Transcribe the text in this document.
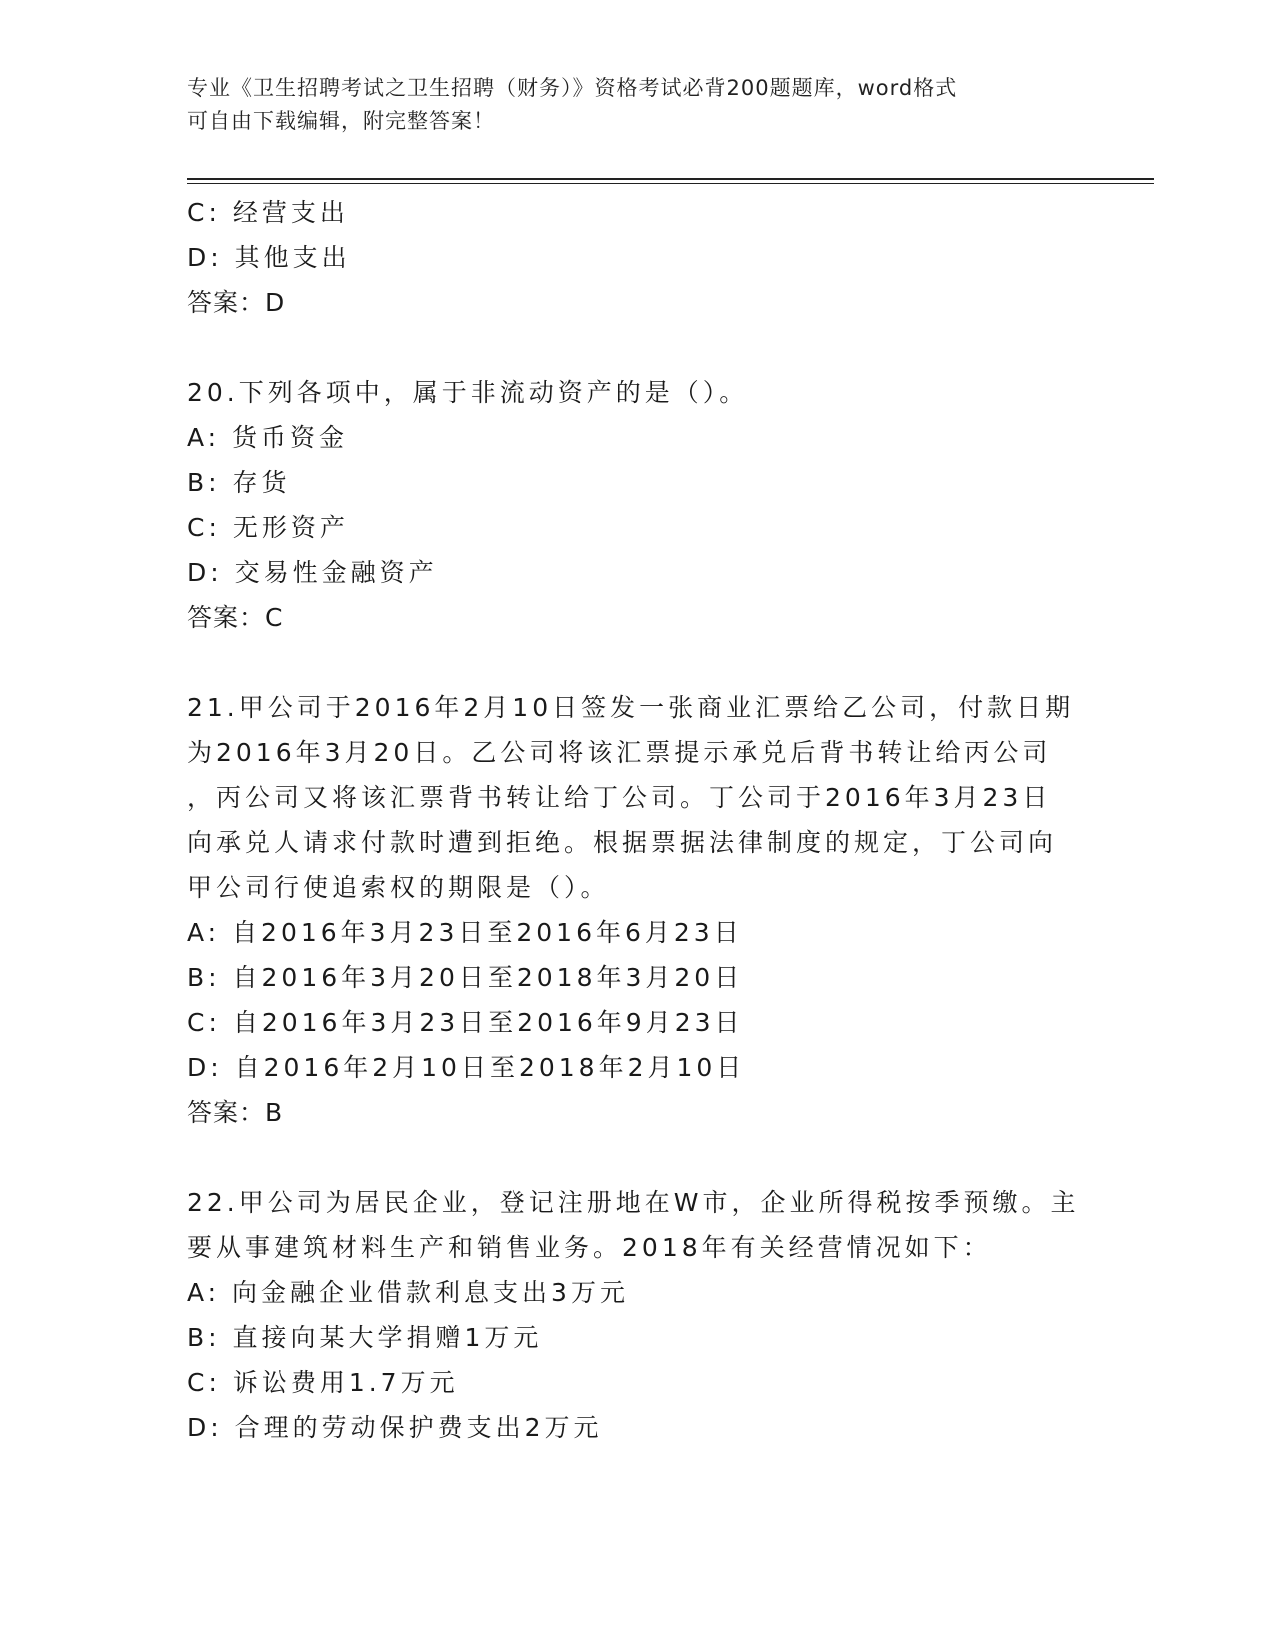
专业《卫生招聘考试之卫生招聘（财务）》资格考试必背200题题库，word格式
可自由下载编辑，附完整答案！
C: 经营支出
D: 其他支出
答案：D
20.下列各项中，属于非流动资产的是（）。
A: 货币资金
B: 存货
C: 无形资产
D: 交易性金融资产
答案：C
21.甲公司于2016年2月10日签发一张商业汇票给乙公司，付款日期
为2016年3月20日。乙公司将该汇票提示承兑后背书转让给丙公司
，丙公司又将该汇票背书转让给丁公司。丁公司于2016年3月23日
向承兑人请求付款时遭到拒绝。根据票据法律制度的规定，丁公司向
甲公司行使追索权的期限是（）。
A: 自2016年3月23日至2016年6月23日
B: 自2016年3月20日至2018年3月20日
C: 自2016年3月23日至2016年9月23日
D: 自2016年2月10日至2018年2月10日
答案：B
22.甲公司为居民企业，登记注册地在W市，企业所得税按季预缴。主
要从事建筑材料生产和销售业务。2018年有关经营情况如下：
A: 向金融企业借款利息支出3万元
B: 直接向某大学捐赠1万元
C: 诉讼费用1.7万元
D: 合理的劳动保护费支出2万元
